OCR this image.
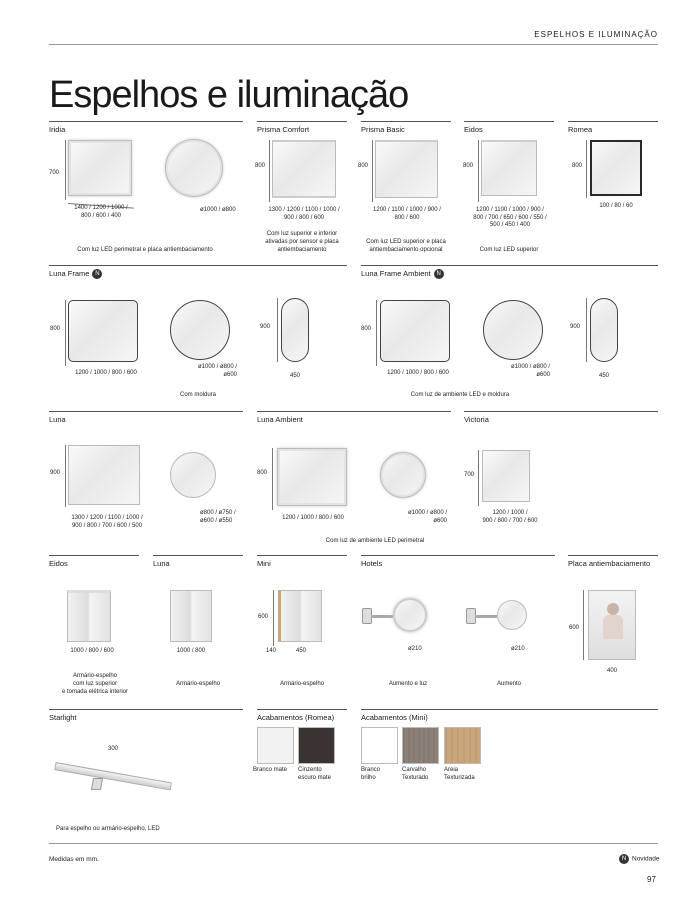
ESPELHOS E ILUMINAÇÃO
Espelhos e iluminação
Iridia	Prisma Comfort	Prisma Basic	Eidos	Romea
700
1400 / 1200 / 1000 /
800 / 600 / 400
ø1000 / ø800
Com luz LED perimetral e placa antiembaciamento
800
1300 / 1200 / 1100 / 1000 /
900 / 800 / 600
Com luz superior e inferior
ativadas por sensor e placa
antiembaciamento
800
1200 / 1100 / 1000 / 900 /
800 / 600
Com luz LED superior e placa
antiembaciamento opcional
800
1200 / 1100 / 1000 / 900 /
800 / 700 / 650 / 600 / 550 /
500 / 450 / 400
Com luz LED superior
800
100 / 80 / 60
Luna Frame N	Luna Frame Ambient N
800
1200 / 1000 / 800 / 600
ø1000 / ø800 /
ø600
900
450
Com moldura
800
1200 / 1000 / 800 / 600
ø1000 / ø800 /
ø600
900
450
Com luz de ambiente LED e moldura
Luna	Luna Ambient	Victoria
900
1300 / 1200 / 1100 / 1000 /
900 / 800 / 700 / 600 / 500
ø800 / ø750 /
ø600 / ø550
800
1200 / 1000 / 800 / 600
ø1000 / ø800 /
ø600
Com luz de ambiente LED perimetral
700
1200 / 1000 /
900 / 800 / 700 / 600
Eidos	Luna	Mini	Hotels	Placa antiembaciamento
1000 / 800 / 600
Armário-espelho
com luz superior
e tomada elétrica interior
1000 / 800
Armário-espelho
600
140	450
Armário-espelho
ø210
Aumento e luz
ø210
Aumento
600
400
Starlight	Acabamentos (Romea)	Acabamentos (Mini)
300
Para espelho ou armário-espelho, LED
Branco mate Cinzento
escuro mate
Branco
brilho
Carvalho
Texturado
Areia
Texturizada
Medidas em mm.	N Novidade
97
